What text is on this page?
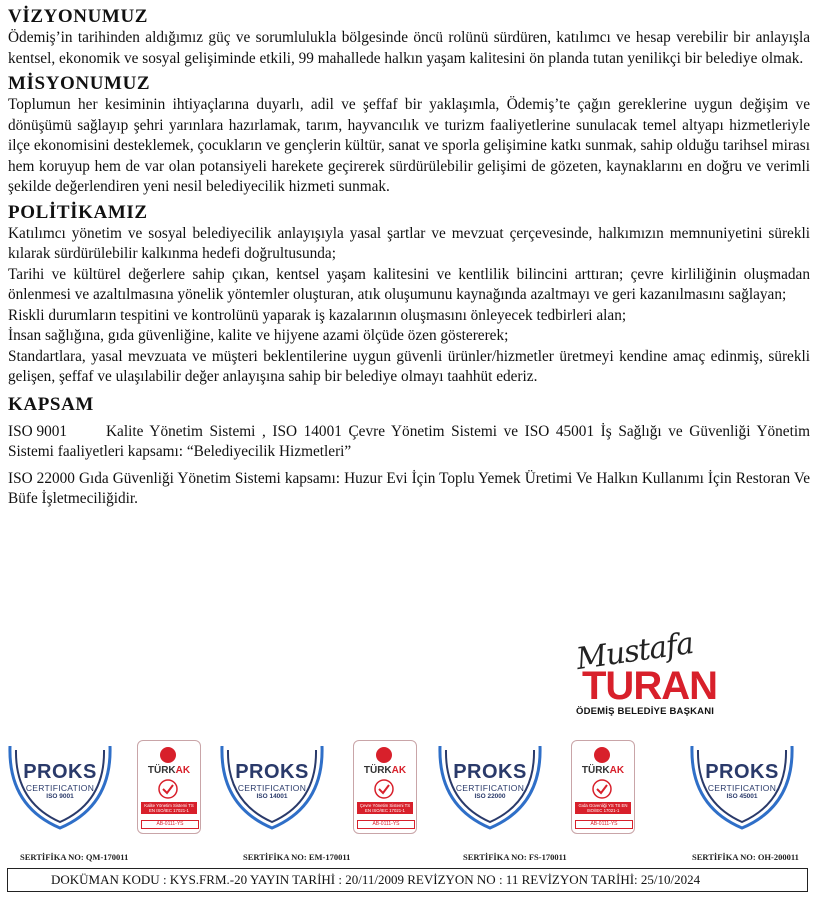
VİZYONUMUZ

Ödemiş’in tarihinden aldığımız güç ve sorumlulukla bölgesinde öncü rolünü sürdüren, katılımcı ve hesap verebilir bir anlayışla kentsel, ekonomik ve sosyal gelişiminde etkili, 99 mahallede halkın yaşam kalitesini ön planda tutan yenilikçi bir belediye olmak.

MİSYONUMUZ

Toplumun her kesiminin ihtiyaçlarına duyarlı, adil ve şeffaf bir yaklaşımla, Ödemiş’te çağın gereklerine uygun değişim ve dönüşümü sağlayıp şehri yarınlara hazırlamak, tarım, hayvancılık ve turizm faaliyetlerine sunulacak temel altyapı hizmetleriyle ilçe ekonomisini desteklemek, çocukların ve gençlerin kültür, sanat ve sporla gelişimine katkı sunmak, sahip olduğu tarihsel mirası hem koruyup hem de var olan potansiyeli harekete geçirerek sürdürülebilir gelişimi de gözeten, kaynaklarını en doğru ve verimli şekilde değerlendiren yeni nesil belediyecilik hizmeti sunmak.

POLİTİKAMIZ

Katılımcı yönetim ve sosyal belediyecilik anlayışıyla yasal şartlar ve mevzuat çerçevesinde, halkımızın memnuniyetini sürekli kılarak sürdürülebilir kalkınma hedefi doğrultusunda;

Tarihi ve kültürel değerlere sahip çıkan, kentsel yaşam kalitesini ve kentlilik bilincini arttıran; çevre kirliliğinin oluşmadan önlenmesi ve azaltılmasına yönelik yöntemler oluşturan, atık oluşumunu kaynağında azaltmayı ve geri kazanılmasını sağlayan;

Riskli durumların tespitini ve kontrolünü yaparak iş kazalarının oluşmasını önleyecek tedbirleri alan;

İnsan sağlığına, gıda güvenliğine, kalite ve hijyene azami ölçüde özen göstererek;

Standartlara, yasal mevzuata ve müşteri beklentilerine uygun güvenli ürünler/hizmetler üretmeyi kendine amaç edinmiş, sürekli gelişen, şeffaf ve ulaşılabilir değer anlayışına sahip bir belediye olmayı taahhüt ederiz.

KAPSAM

ISO 9001	Kalite Yönetim Sistemi , ISO 14001 Çevre Yönetim Sistemi ve ISO 45001 İş Sağlığı ve Güvenliği Yönetim Sistemi faaliyetleri kapsamı: “Belediyecilik Hizmetleri”

ISO 22000 Gıda Güvenliği Yönetim Sistemi kapsamı: Huzur Evi İçin Toplu Yemek Üretimi Ve Halkın Kullanımı İçin Restoran Ve Büfe İşletmeciliğidir.

Mustafa
TURAN
ÖDEMİŞ BELEDİYE BAŞKANI
PROKS
CERTIFICATION
ISO 9001
TÜRKAK
Kalite Yönetim Sistemi TS EN ISO/IEC 17021-1
AB-0111-YS
PROKS
CERTIFICATION
ISO 14001
TÜRKAK
Çevre Yönetim Sistemi TS EN ISO/IEC 17021-1
AB-0111-YS
PROKS
CERTIFICATION
ISO 22000
TÜRKAK
Gıda Güvenliği YS TS EN ISO/IEC 17021-1
AB-0111-YS
PROKS
CERTIFICATION
ISO 45001
SERTİFİKA NO: QM-170011	SERTİFİKA NO: EM-170011	SERTİFİKA NO: FS-170011	SERTİFİKA NO: OH-200011
DOKÜMAN KODU : KYS.FRM.-20 YAYIN TARİHİ : 20/11/2009 REVİZYON NO : 11 REVİZYON TARİHİ: 25/10/2024
